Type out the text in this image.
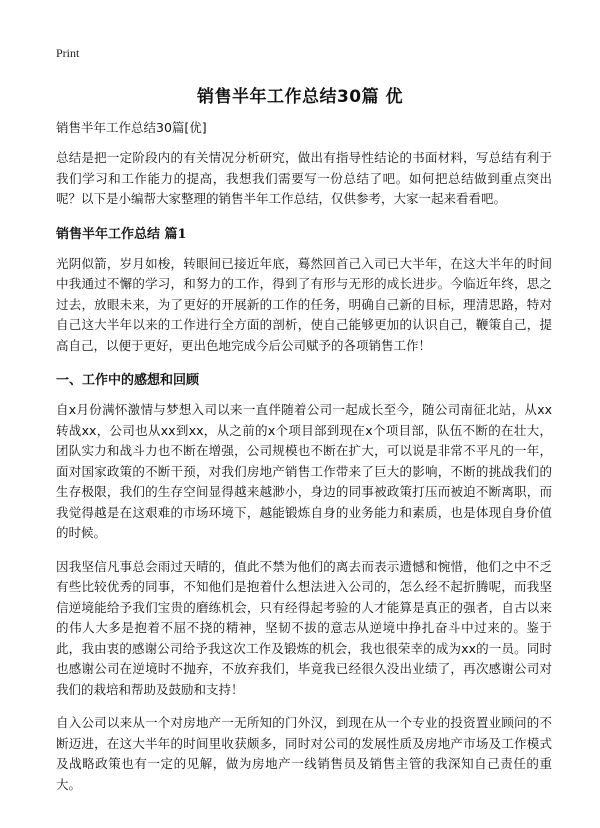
Print
销售半年工作总结30篇 优

销售半年工作总结30篇[优]

总结是把一定阶段内的有关情况分析研究，做出有指导性结论的书面材料，写总结有利于我们学习和工作能力的提高，我想我们需要写一份总结了吧。如何把总结做到重点突出呢？以下是小编帮大家整理的销售半年工作总结，仅供参考，大家一起来看看吧。

销售半年工作总结 篇1

光阴似箭，岁月如梭，转眼间已接近年底，蓦然回首己入司已大半年，在这大半年的时间中我通过不懈的学习，和努力的工作，得到了有形与无形的成长进步。今临近年终，思之过去，放眼未来，为了更好的开展新的工作的任务，明确自己新的目标，理清思路，特对自己这大半年以来的工作进行全方面的剖析，使自己能够更加的认识自己，鞭策自己，提高自己，以便于更好，更出色地完成今后公司赋予的各项销售工作！

一、工作中的感想和回顾

自x月份满怀激情与梦想入司以来一直伴随着公司一起成长至今，随公司南征北站，从xx转战xx，公司也从xx到xx，从之前的x个项目部到现在x个项目部，队伍不断的在壮大，团队实力和战斗力也不断在增强，公司规模也不断在扩大，可以说是非常不平凡的一年，面对国家政策的不断干预，对我们房地产销售工作带来了巨大的影响，不断的挑战我们的生存极限，我们的生存空间显得越来越渺小，身边的同事被政策打压而被迫不断离职，而我觉得越是在这艰难的市场环境下，越能锻炼自身的业务能力和素质，也是体现自身价值的时候。

因我坚信凡事总会雨过天晴的，值此不禁为他们的离去而表示遗憾和惋惜，他们之中不乏有些比较优秀的同事，不知他们是抱着什么想法进入公司的，怎么经不起折腾呢，而我坚信逆境能给予我们宝贵的磨练机会，只有经得起考验的人才能算是真正的强者，自古以来的伟人大多是抱着不屈不挠的精神，坚韧不拔的意志从逆境中挣扎奋斗中过来的。鉴于此，我由衷的感谢公司给予我这次工作及锻炼的机会，我也很荣幸的成为xx的一员。同时也感谢公司在逆境时不抛弃，不放弃我们，毕竟我已经很久没出业绩了，再次感谢公司对我们的栽培和帮助及鼓励和支持！

自入公司以来从一个对房地产一无所知的门外汉，到现在从一个专业的投资置业顾问的不断迈进，在这大半年的时间里收获颇多，同时对公司的发展性质及房地产市场及工作模式及战略政策也有一定的见解，做为房地产一线销售员及销售主管的我深知自己责任的重大。
